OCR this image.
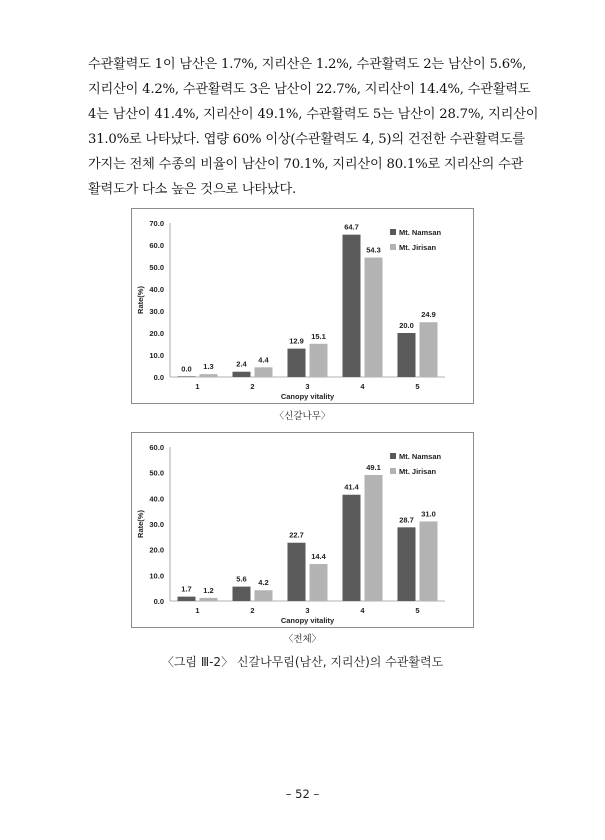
수관활력도 1이 남산은 1.7%, 지리산은 1.2%, 수관활력도 2는 남산이 5.6%,
지리산이 4.2%, 수관활력도 3은 남산이 22.7%, 지리산이 14.4%, 수관활력도
4는 남산이 41.4%, 지리산이 49.1%, 수관활력도 5는 남산이 28.7%, 지리산이
31.0%로 나타났다. 엽량 60% 이상(수관활력도 4, 5)의 건전한 수관활력도를
가지는 전체 수종의 비율이 남산이 70.1%, 지리산이 80.1%로 지리산의 수관
활력도가 다소 높은 것으로 나타났다.
0.0
10.0
20.0
30.0
40.0
50.0
60.0
70.0
Rate(%)
0.0 1.3
1
2.4 4.4
2
12.9
15.1
3
64.7
54.3
4
20.0
24.9
5
Canopy vitality
Mt. Namsan
Mt. Jirisan
〈신갈나무〉
0.0
10.0
20.0
30.0
40.0
50.0
60.0
Rate(%)
1.7 1.2
1
5.6 4.2
2
22.7
14.4
3
41.4
49.1
4
28.7
31.0
5
Canopy vitality
Mt. Namsan
Mt. Jirisan
〈전체〉
〈그림 Ⅲ-2〉 신갈나무림(남산, 지리산)의 수관활력도
– 52 –
